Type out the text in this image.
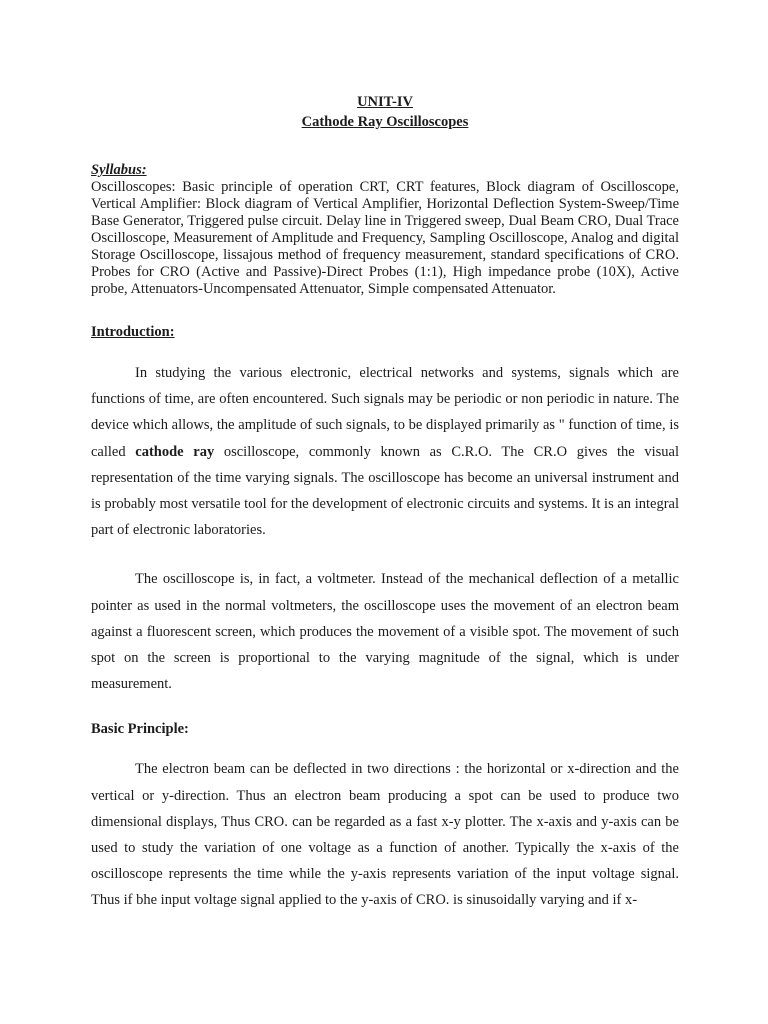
UNIT-IV

Cathode Ray Oscilloscopes

Syllabus:

Oscilloscopes: Basic principle of operation CRT, CRT features, Block diagram of Oscilloscope, Vertical Amplifier: Block diagram of Vertical Amplifier, Horizontal Deflection System-Sweep/Time Base Generator, Triggered pulse circuit. Delay line in Triggered sweep, Dual Beam CRO, Dual Trace Oscilloscope, Measurement of Amplitude and Frequency, Sampling Oscilloscope, Analog and digital Storage Oscilloscope, lissajous method of frequency measurement, standard specifications of CRO. Probes for CRO (Active and Passive)-Direct Probes (1:1), High impedance probe (10X), Active probe, Attenuators-Uncompensated Attenuator, Simple compensated Attenuator.

Introduction:

In studying the various electronic, electrical networks and systems, signals which are functions of time, are often encountered. Such signals may be periodic or non periodic in nature. The device which allows, the amplitude of such signals, to be displayed primarily as " function of time, is called cathode ray oscilloscope, commonly known as C.R.O. The CR.O gives the visual representation of the time varying signals. The oscilloscope has become an universal instrument and is probably most versatile tool for the development of electronic circuits and systems. It is an integral part of electronic laboratories.

The oscilloscope is, in fact, a voltmeter. Instead of the mechanical deflection of a metallic pointer as used in the normal voltmeters, the oscilloscope uses the movement of an electron beam against a fluorescent screen, which produces the movement of a visible spot. The movement of such spot on the screen is proportional to the varying magnitude of the signal, which is under measurement.

Basic Principle:

The electron beam can be deflected in two directions : the horizontal or x-direction and the vertical or y-direction. Thus an electron beam producing a spot can be used to produce two dimensional displays, Thus CRO. can be regarded as a fast x-y plotter. The x-axis and y-axis can be used to study the variation of one voltage as a function of another. Typically the x-axis of the oscilloscope represents the time while the y-axis represents variation of the input voltage signal. Thus if bhe input voltage signal applied to the y-axis of CRO. is sinusoidally varying and if x-
